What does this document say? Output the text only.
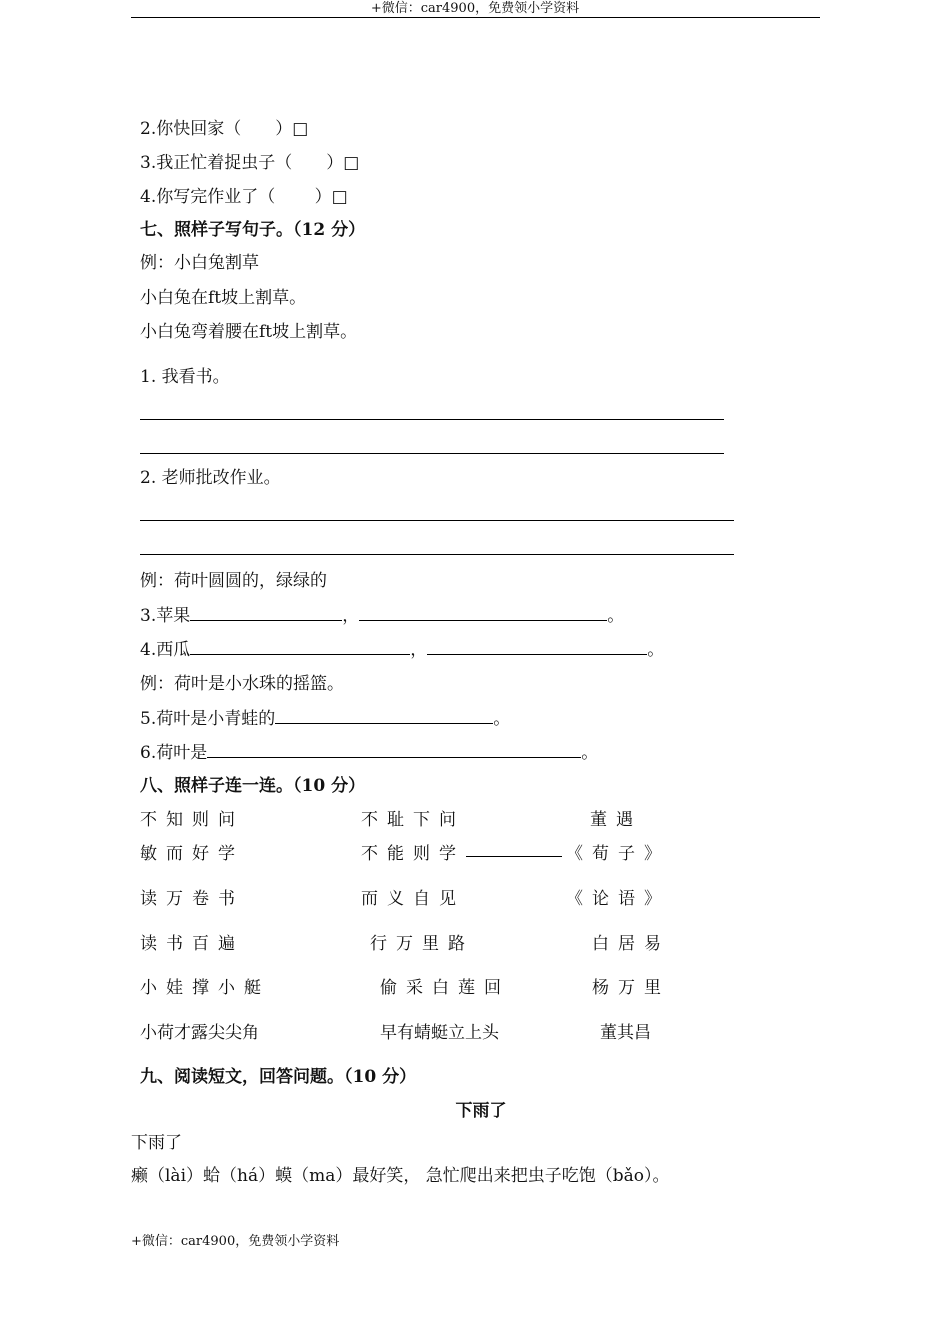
+微信：car4900，免费领小学资料
2.你快回家（　　）□
3.我正忙着捉虫子（　　）□
4.你写完作业了（　　 ）□
七、照样子写句子。（12 分）
例：小白兔割草
小白兔在ft坡上割草。
小白兔弯着腰在ft坡上割草。
1. 我看书。
2. 老师批改作业。
例：荷叶圆圆的，绿绿的
3.苹果	，	。
4.西瓜	，	。
例：荷叶是小水珠的摇篮。
5.荷叶是小青蛙的	。
6.荷叶是	。
八、照样子连一连。（10 分）
不知则问	不耻下问	董遇
敏而好学	不能则学	《荀子》
读万卷书	而义自见	《论语》
读书百遍	行万里路	白居易
小娃撑小艇	偷采白莲回	杨万里
小荷才露尖尖角	早有蜻蜓立上头	董其昌
九、阅读短文，回答问题。（10 分）
下雨了
下雨了
癞（lài）蛤（há）蟆（ma）最好笑， 急忙爬出来把虫子吃饱（bǎo）。
+微信：car4900，免费领小学资料
